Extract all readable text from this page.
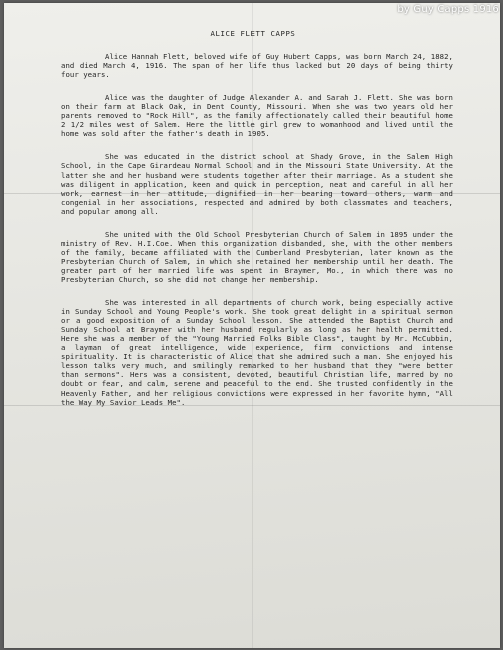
ALICE FLETT CAPPS

Alice Hannah Flett, beloved wife of Guy Hubert Capps, was born March 24, 1882, and died March 4, 1916. The span of her life thus lacked but 20 days of being thirty four years.

Alice was the daughter of Judge Alexander A. and Sarah J. Flett. She was born on their farm at Black Oak, in Dent County, Missouri. When she was two years old her parents removed to "Rock Hill", as the family affectionately called their beautiful home 2 1/2 miles west of Salem. Here the little girl grew to womanhood and lived until the home was sold after the father's death in 1905.

She was educated in the district school at Shady Grove, in the Salem High School, in the Cape Girardeau Normal School and in the Missouri State University. At the latter she and her husband were students together after their marriage. As a student she was diligent in application, keen and quick in perception, neat and careful in all her work, earnest in her attitude, dignified in her bearing toward others, warm and congenial in her associations, respected and admired by both classmates and teachers, and popular among all.

She united with the Old School Presbyterian Church of Salem in 1895 under the ministry of Rev. H.I.Coe. When this organization disbanded, she, with the other members of the family, became affiliated with the Cumberland Presbyterian, later known as the Presbyterian Church of Salem, in which she retained her membership until her death. The greater part of her married life was spent in Braymer, Mo., in which there was no Presbyterian Church, so she did not change her membership.

She was interested in all departments of church work, being especially active in Sunday School and Young People's work. She took great delight in a spiritual sermon or a good exposition of a Sunday School lesson. She attended the Baptist Church and Sunday School at Braymer with her husband regularly as long as her health permitted. Here she was a member of the "Young Married Folks Bible Class", taught by Mr. McCubbin, a layman of great intelligence, wide experience, firm convictions and intense spirituality. It is characteristic of Alice that she admired such a man. She enjoyed his lesson talks very much, and smilingly remarked to her husband that they "were better than sermons". Hers was a consistent, devoted, beautiful Christian life, marred by no doubt or fear, and calm, serene and peaceful to the end. She trusted confidently in the Heavenly Father, and her religious convictions were expressed in her favorite hymn, "All the Way My Savior Leads Me".

by Guy Capps 1916
